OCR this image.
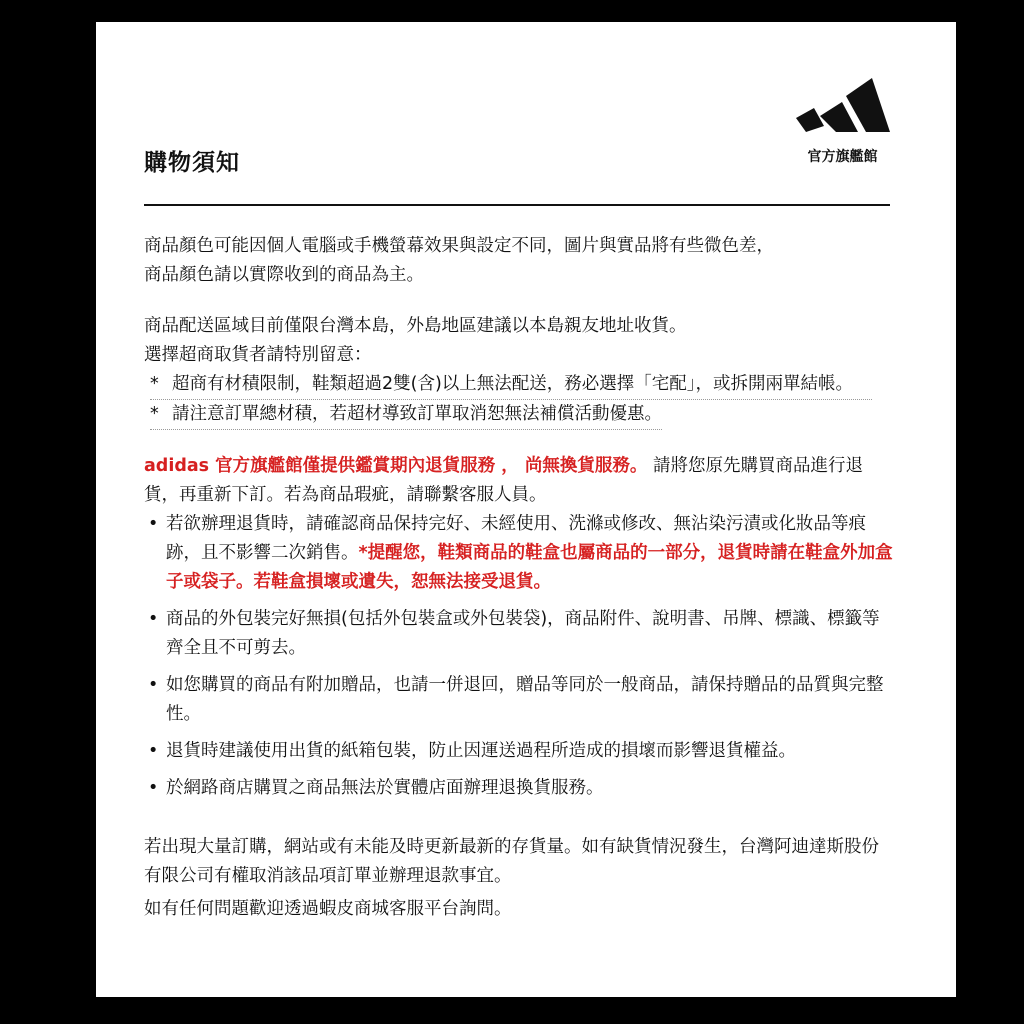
購物須知	官方旗艦館

商品顏色可能因個人電腦或手機螢幕效果與設定不同，圖片與實品將有些微色差，
商品顏色請以實際收到的商品為主。

商品配送區域目前僅限台灣本島，外島地區建議以本島親友地址收貨。
選擇超商取貨者請特別留意：

* 超商有材積限制，鞋類超過2雙(含)以上無法配送，務必選擇「宅配」，或拆開兩單結帳。

* 請注意訂單總材積，若超材導致訂單取消恕無法補償活動優惠。

adidas 官方旗艦館僅提供鑑賞期內退貨服務 ， 尚無換貨服務。 請將您原先購買商品進行退貨，再重新下訂。若為商品瑕疵，請聯繫客服人員。

• 若欲辦理退貨時，請確認商品保持完好、未經使用、洗滌或修改、無沾染污漬或化妝品等痕跡，且不影響二次銷售。*提醒您，鞋類商品的鞋盒也屬商品的一部分，退貨時請在鞋盒外加盒子或袋子。若鞋盒損壞或遺失，恕無法接受退貨。
• 商品的外包裝完好無損(包括外包裝盒或外包裝袋)，商品附件、說明書、吊牌、標識、標籤等齊全且不可剪去。
• 如您購買的商品有附加贈品，也請一併退回，贈品等同於一般商品，請保持贈品的品質與完整性。
• 退貨時建議使用出貨的紙箱包裝，防止因運送過程所造成的損壞而影響退貨權益。
• 於網路商店購買之商品無法於實體店面辦理退換貨服務。

若出現大量訂購，網站或有未能及時更新最新的存貨量。如有缺貨情況發生，台灣阿迪達斯股份有限公司有權取消該品項訂單並辦理退款事宜。

如有任何問題歡迎透過蝦皮商城客服平台詢問。
